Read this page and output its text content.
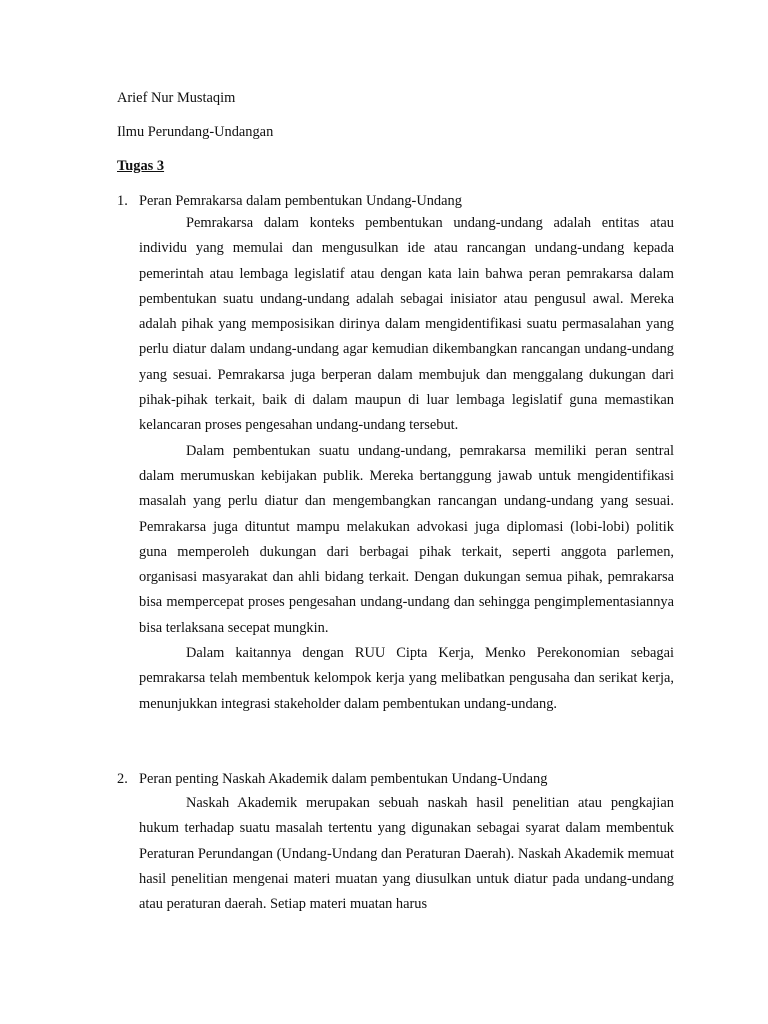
Arief Nur Mustaqim
Ilmu Perundang-Undangan
Tugas 3
1. Peran Pemrakarsa dalam pembentukan Undang-Undang

Pemrakarsa dalam konteks pembentukan undang-undang adalah entitas atau individu yang memulai dan mengusulkan ide atau rancangan undang-undang kepada pemerintah atau lembaga legislatif atau dengan kata lain bahwa peran pemrakarsa dalam pembentukan suatu undang-undang adalah sebagai inisiator atau pengusul awal. Mereka adalah pihak yang memposisikan dirinya dalam mengidentifikasi suatu permasalahan yang perlu diatur dalam undang-undang agar kemudian dikembangkan rancangan undang-undang yang sesuai. Pemrakarsa juga berperan dalam membujuk dan menggalang dukungan dari pihak-pihak terkait, baik di dalam maupun di luar lembaga legislatif guna memastikan kelancaran proses pengesahan undang-undang tersebut.

Dalam pembentukan suatu undang-undang, pemrakarsa memiliki peran sentral dalam merumuskan kebijakan publik. Mereka bertanggung jawab untuk mengidentifikasi masalah yang perlu diatur dan mengembangkan rancangan undang-undang yang sesuai. Pemrakarsa juga dituntut mampu melakukan advokasi juga diplomasi (lobi-lobi) politik guna memperoleh dukungan dari berbagai pihak terkait, seperti anggota parlemen, organisasi masyarakat dan ahli bidang terkait. Dengan dukungan semua pihak, pemrakarsa bisa mempercepat proses pengesahan undang-undang dan sehingga pengimplementasiannya bisa terlaksana secepat mungkin.

Dalam kaitannya dengan RUU Cipta Kerja, Menko Perekonomian sebagai pemrakarsa telah membentuk kelompok kerja yang melibatkan pengusaha dan serikat kerja, menunjukkan integrasi stakeholder dalam pembentukan undang-undang.

2. Peran penting Naskah Akademik dalam pembentukan Undang-Undang

Naskah Akademik merupakan sebuah naskah hasil penelitian atau pengkajian hukum terhadap suatu masalah tertentu yang digunakan sebagai syarat dalam membentuk Peraturan Perundangan (Undang-Undang dan Peraturan Daerah). Naskah Akademik memuat hasil penelitian mengenai materi muatan yang diusulkan untuk diatur pada undang-undang atau peraturan daerah. Setiap materi muatan harus
